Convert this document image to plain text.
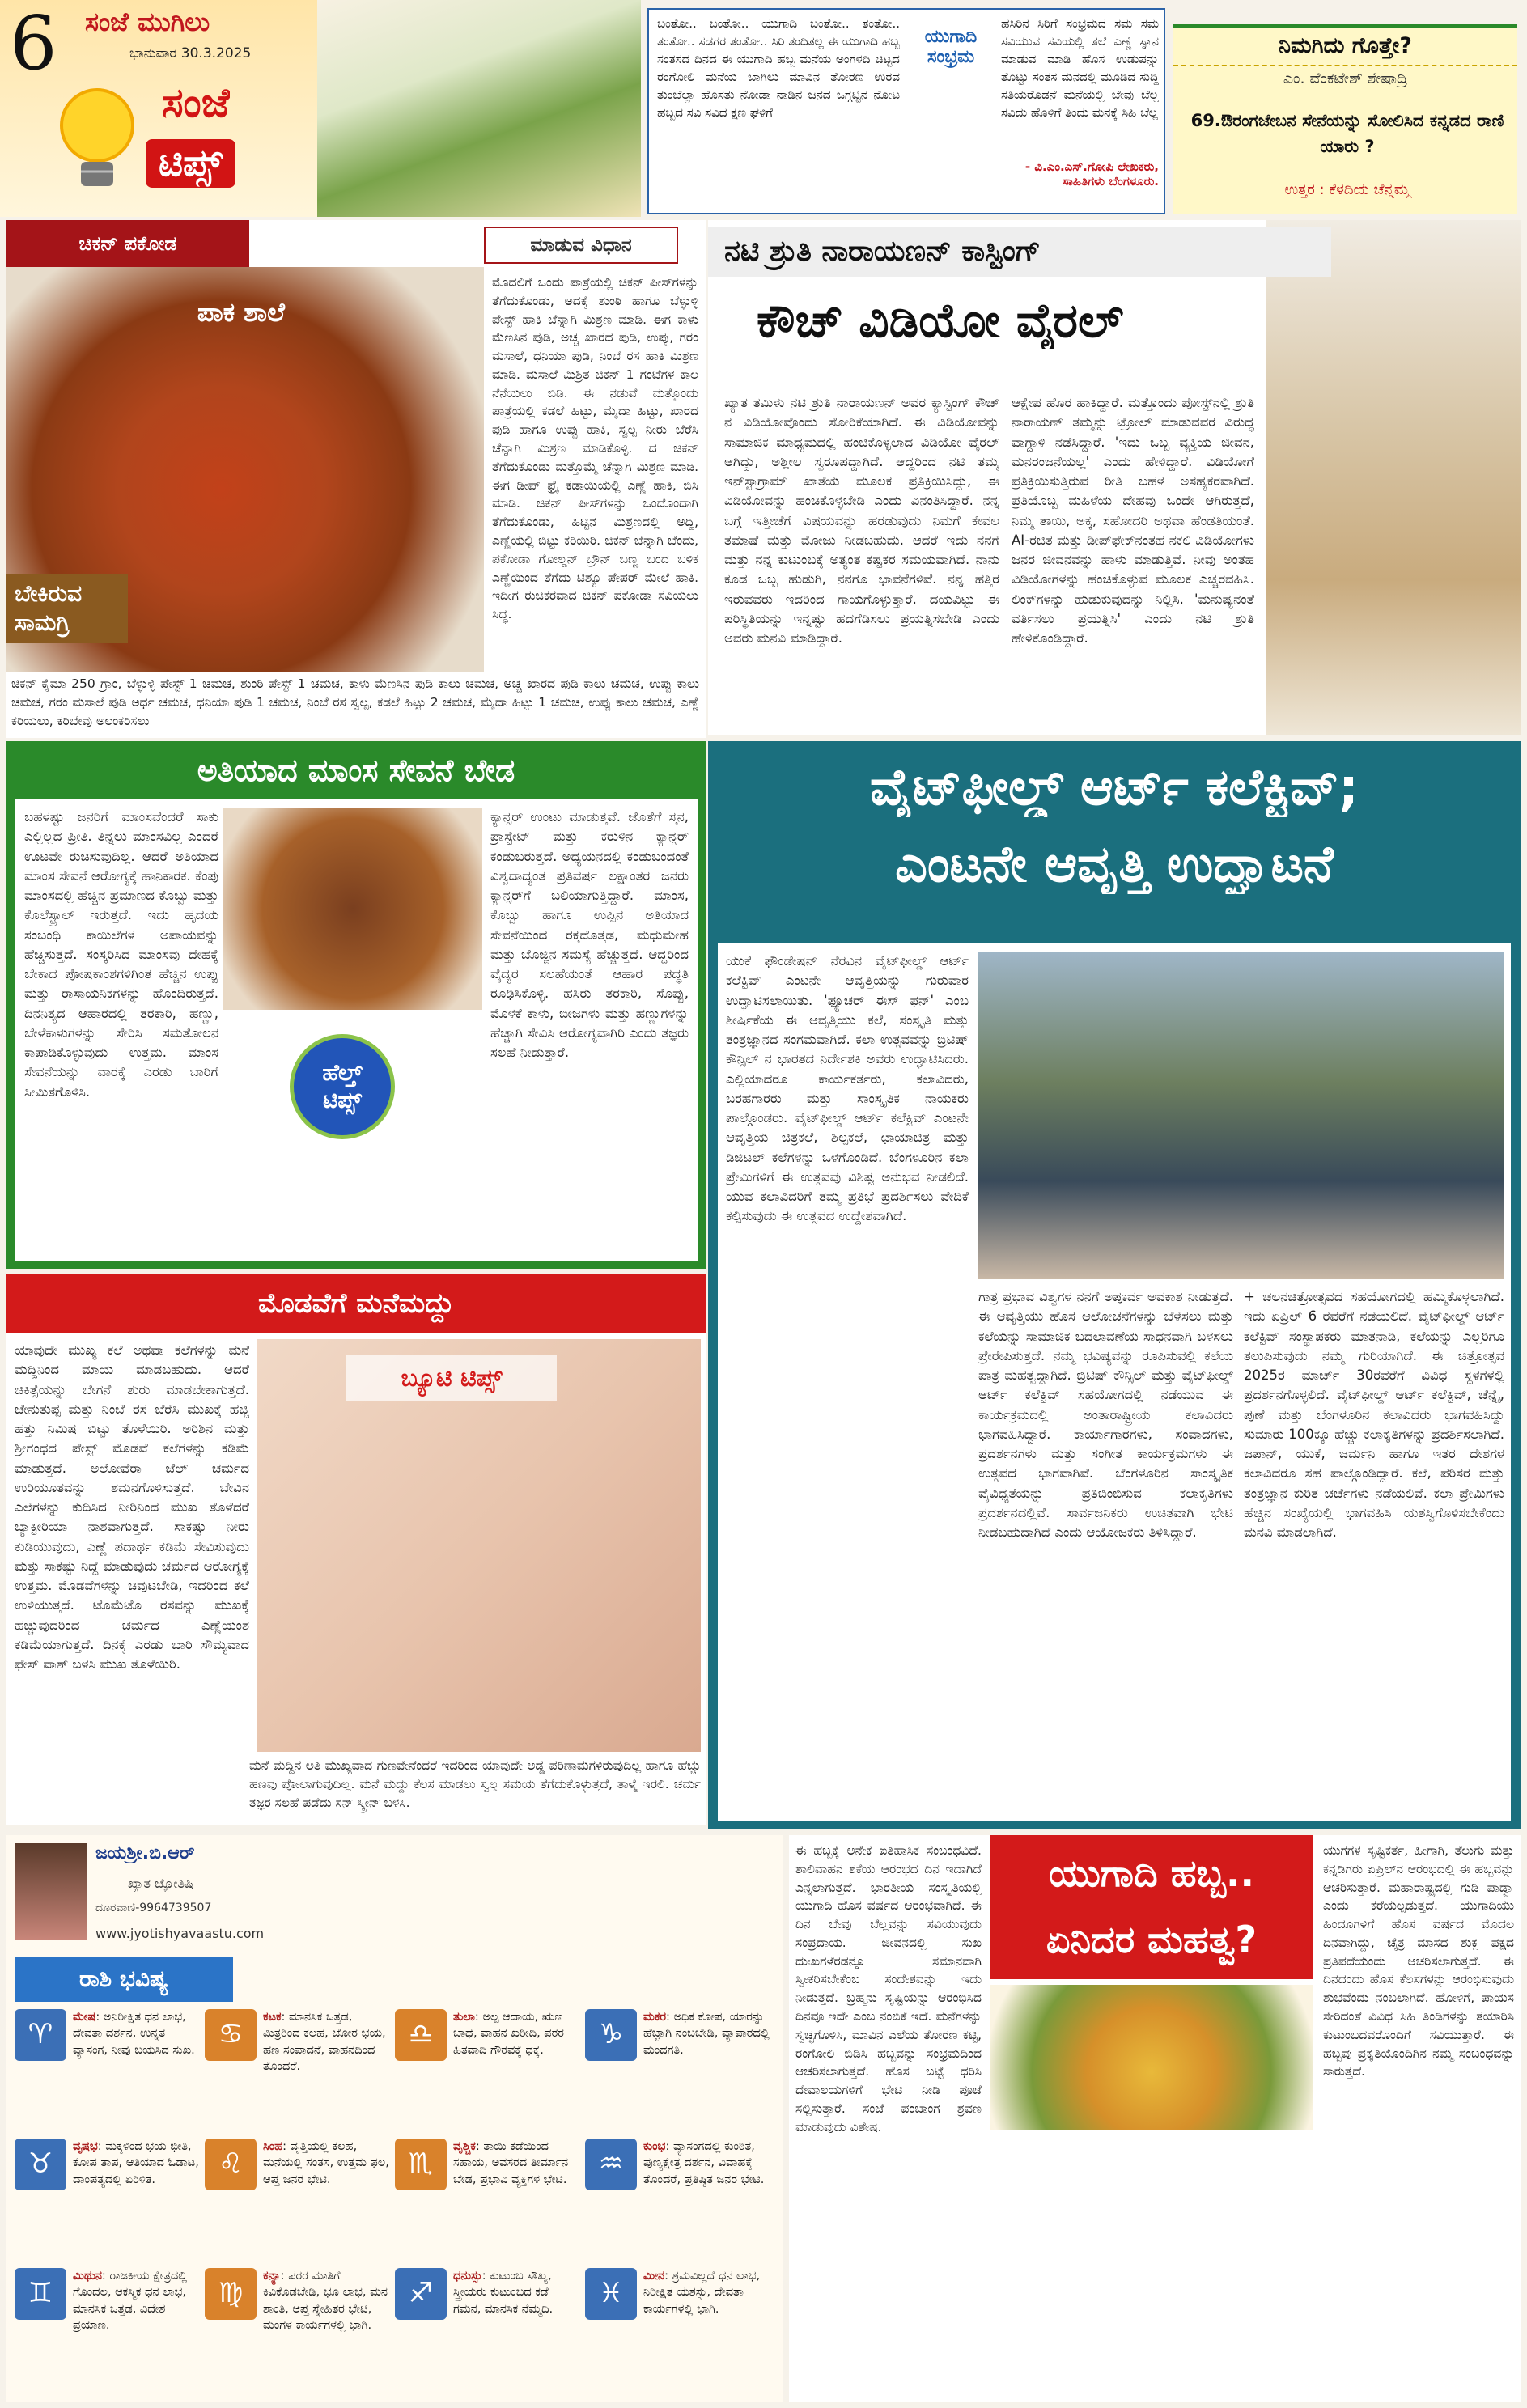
6 ಸಂಜೆ ಮುಗಿಲು
ಭಾನುವಾರ 30.3.2025
ಸಂಜೆ
ಟಿಪ್ಸ್
ಬಂತೋ.. ಬಂತೋ.. ಯುಗಾದಿ ಬಂತೋ.. ತಂತೋ.. ತಂತೋ.. ಸಡಗರ ತಂತೋ.. ಸಿರಿ ತಂದಿತಲ್ಲ ಈ ಯುಗಾದಿ ಹಬ್ಬ ಸಂತಸದ ದಿನದ ಈ ಯುಗಾದಿ ಹಬ್ಬ ಮನೆಯ ಅಂಗಳದಿ ಚಿಟ್ಟದ ರಂಗೋಲಿ ಮನೆಯ ಬಾಗಿಲು ಮಾವಿನ ತೋರಣ ಉರವ ತುಂಬೆಲ್ಲಾ ಹೊಸತು ನೋಡಾ ನಾಡಿನ ಜನದ ಒಗ್ಗಟ್ಟಿನ ನೋಟ ಹಬ್ಬದ ಸವಿ ಸವಿದ ಕ್ಷಣ ಘಳಿಗೆ
ಯುಗಾದಿ ಸಂಭ್ರಮ
ಹಸಿರಿನ ಸಿರಿಗೆ ಸಂಭ್ರಮದ ಸಮ ಸಮ ಸವಿಯುವ ಸವಿಯಲ್ಲಿ ತಲೆ ಎಣ್ಣೆ ಸ್ನಾನ ಮಾಡುವ ಮಾಡಿ ಹೊಸ ಉಡುಪನ್ನು ತೊಟ್ಟು ಸಂತಸ ಮನದಲ್ಲಿ ಮೂಡಿದ ಸುದ್ದಿ ಸತಿಯರೊಡನೆ ಮನೆಯಲ್ಲಿ ಬೇವು ಬೆಲ್ಲ ಸವಿದು ಹೊಳಿಗೆ ತಿಂದು ಮನಕ್ಕೆ ಸಿಹಿ ಬೆಲ್ಲ
- ವಿ.ಎಂ.ಎಸ್.ಗೋಪಿ ಲೇಖಕರು, ಸಾಹಿತಿಗಳು ಬೆಂಗಳೂರು.
ನಿಮಗಿದು ಗೊತ್ತೇ?
ಎಂ. ವೆಂಕಟೇಶ್ ಶೇಷಾದ್ರಿ
69.ಔರಂಗಜೇಬನ ಸೇನೆಯನ್ನು ಸೋಲಿಸಿದ ಕನ್ನಡದ ರಾಣಿ ಯಾರು ?
ಉತ್ತರ : ಕೆಳದಿಯ ಚೆನ್ನಮ್ಮ
ಚಿಕನ್ ಪಕೋಡ	ಮಾಡುವ ವಿಧಾನ
ಪಾಕ ಶಾಲೆ
ಬೇಕಿರುವ ಸಾಮಗ್ರಿ
ಮೊದಲಿಗೆ ಒಂದು ಪಾತ್ರೆಯಲ್ಲಿ ಚಿಕನ್ ಪೀಸ್‌ಗಳನ್ನು ತೆಗೆದುಕೊಂಡು, ಅದಕ್ಕೆ ಶುಂಠಿ ಹಾಗೂ ಬೆಳ್ಳುಳ್ಳಿ ಪೇಸ್ಟ್ ಹಾಕಿ ಚೆನ್ನಾಗಿ ಮಿಶ್ರಣ ಮಾಡಿ. ಈಗ ಕಾಳು ಮೆಣಸಿನ ಪುಡಿ, ಅಚ್ಚ ಖಾರದ ಪುಡಿ, ಉಪ್ಪು, ಗರಂ ಮಸಾಲೆ, ಧನಿಯಾ ಪುಡಿ, ನಿಂಬೆ ರಸ ಹಾಕಿ ಮಿಶ್ರಣ ಮಾಡಿ. ಮಸಾಲೆ ಮಿಶ್ರಿತ ಚಿಕನ್ 1 ಗಂಟೆಗಳ ಕಾಲ ನೆನೆಯಲು ಬಿಡಿ. ಈ ನಡುವೆ ಮತ್ತೊಂದು ಪಾತ್ರೆಯಲ್ಲಿ ಕಡಲೆ ಹಿಟ್ಟು, ಮೈದಾ ಹಿಟ್ಟು, ಖಾರದ ಪುಡಿ ಹಾಗೂ ಉಪ್ಪು ಹಾಕಿ, ಸ್ವಲ್ಪ ನೀರು ಬೆರೆಸಿ ಚೆನ್ನಾಗಿ ಮಿಶ್ರಣ ಮಾಡಿಕೊಳ್ಳಿ. ದ ಚಿಕನ್ ತೆಗೆದುಕೊಂಡು ಮತ್ತೊಮ್ಮೆ ಚೆನ್ನಾಗಿ ಮಿಶ್ರಣ ಮಾಡಿ. ಈಗ ಡೀಪ್ ಫ್ರೈ ಕಡಾಯಿಯಲ್ಲಿ ಎಣ್ಣೆ ಹಾಕಿ, ಬಿಸಿ ಮಾಡಿ. ಚಿಕನ್ ಪೀಸ್‌ಗಳನ್ನು ಒಂದೊಂದಾಗಿ ತೆಗೆದುಕೊಂಡು, ಹಿಟ್ಟಿನ ಮಿಶ್ರಣದಲ್ಲಿ ಅದ್ದಿ, ಎಣ್ಣೆಯಲ್ಲಿ ಬಿಟ್ಟು ಕರಿಯಿರಿ. ಚಿಕನ್ ಚೆನ್ನಾಗಿ ಬೆಂದು, ಪಕೋಡಾ ಗೋಲ್ಡನ್ ಬ್ರೌನ್ ಬಣ್ಣ ಬಂದ ಬಳಿಕ ಎಣ್ಣೆಯಿಂದ ತೆಗೆದು ಟಿಶ್ಯೂ ಪೇಪರ್ ಮೇಲೆ ಹಾಕಿ. ಇದೀಗ ರುಚಿಕರವಾದ ಚಿಕನ್ ಪಕೋಡಾ ಸವಿಯಲು ಸಿದ್ಧ.
ಚಿಕನ್ ಕೈಮಾ 250 ಗ್ರಾಂ, ಬೆಳ್ಳುಳ್ಳಿ ಪೇಸ್ಟ್ 1 ಚಮಚ, ಶುಂಠಿ ಪೇಸ್ಟ್ 1 ಚಮಚ, ಕಾಳು ಮೆಣಸಿನ ಪುಡಿ ಕಾಲು ಚಮಚ, ಅಚ್ಚ ಖಾರದ ಪುಡಿ ಕಾಲು ಚಮಚ, ಉಪ್ಪು ಕಾಲು ಚಮಚ, ಗರಂ ಮಸಾಲೆ ಪುಡಿ ಅರ್ಧ ಚಮಚ, ಧನಿಯಾ ಪುಡಿ 1 ಚಮಚ, ನಿಂಬೆ ರಸ ಸ್ವಲ್ಪ, ಕಡಲೆ ಹಿಟ್ಟು 2 ಚಮಚ, ಮೈದಾ ಹಿಟ್ಟು 1 ಚಮಚ, ಉಪ್ಪು ಕಾಲು ಚಮಚ, ಎಣ್ಣೆ ಕರಿಯಲು, ಕರಿಬೇವು ಅಲಂಕರಿಸಲು
ನಟಿ ಶ್ರುತಿ ನಾರಾಯಣನ್ ಕಾಸ್ಟಿಂಗ್
ಕೌಚ್ ವಿಡಿಯೋ ವೈರಲ್
ಖ್ಯಾತ ತಮಿಳು ನಟಿ ಶ್ರುತಿ ನಾರಾಯಣನ್ ಅವರ ಕ್ಯಾಸ್ಟಿಂಗ್ ಕೌಚ್ ನ ವಿಡಿಯೋವೊಂದು ಸೋರಿಕೆಯಾಗಿದೆ. ಈ ವಿಡಿಯೋವನ್ನು ಸಾಮಾಜಿಕ ಮಾಧ್ಯಮದಲ್ಲಿ ಹಂಚಿಕೊಳ್ಳಲಾದ ವಿಡಿಯೋ ವೈರಲ್ ಆಗಿದ್ದು, ಅಶ್ಲೀಲ ಸ್ವರೂಪದ್ದಾಗಿದೆ. ಆದ್ದರಿಂದ ನಟಿ ತಮ್ಮ ಇನ್‌ಸ್ಟಾಗ್ರಾಮ್ ಖಾತೆಯ ಮೂಲಕ ಪ್ರತಿಕ್ರಿಯಿಸಿದ್ದು, ಈ ವಿಡಿಯೋವನ್ನು ಹಂಚಿಕೊಳ್ಳಬೇಡಿ ಎಂದು ವಿನಂತಿಸಿದ್ದಾರೆ. ನನ್ನ ಬಗ್ಗೆ ಇತ್ತೀಚೆಗೆ ವಿಷಯವನ್ನು ಹರಡುವುದು ನಿಮಗೆ ಕೇವಲ ತಮಾಷೆ ಮತ್ತು ಮೋಜು ನೀಡಬಹುದು. ಆದರೆ ಇದು ನನಗೆ ಮತ್ತು ನನ್ನ ಕುಟುಂಬಕ್ಕೆ ಅತ್ಯಂತ ಕಷ್ಟಕರ ಸಮಯವಾಗಿದೆ. ನಾನು ಕೂಡ ಒಬ್ಬ ಹುಡುಗಿ, ನನಗೂ ಭಾವನೆಗಳಿವೆ. ನನ್ನ ಹತ್ತಿರ ಇರುವವರು ಇದರಿಂದ ಗಾಯಗೊಳ್ಳುತ್ತಾರೆ. ದಯವಿಟ್ಟು ಈ ಪರಿಸ್ಥಿತಿಯನ್ನು ಇನ್ನಷ್ಟು ಹದಗೆಡಿಸಲು ಪ್ರಯತ್ನಿಸಬೇಡಿ ಎಂದು ಅವರು ಮನವಿ ಮಾಡಿದ್ದಾರೆ.
ಆಕ್ಷೇಪ ಹೊರ ಹಾಕಿದ್ದಾರೆ. ಮತ್ತೊಂದು ಪೋಸ್ಟ್‌ನಲ್ಲಿ ಶ್ರುತಿ ನಾರಾಯಣ್ ತಮ್ಮನ್ನು ಟ್ರೋಲ್ ಮಾಡುವವರ ವಿರುದ್ಧ ವಾಗ್ದಾಳಿ ನಡೆಸಿದ್ದಾರೆ. 'ಇದು ಒಬ್ಬ ವ್ಯಕ್ತಿಯ ಜೀವನ, ಮನರಂಜನೆಯಲ್ಲ' ಎಂದು ಹೇಳಿದ್ದಾರೆ. ವಿಡಿಯೋಗೆ ಪ್ರತಿಕ್ರಿಯಿಸುತ್ತಿರುವ ರೀತಿ ಬಹಳ ಅಸಹ್ಯಕರವಾಗಿದೆ. ಪ್ರತಿಯೊಬ್ಬ ಮಹಿಳೆಯ ದೇಹವು ಒಂದೇ ಆಗಿರುತ್ತದೆ, ನಿಮ್ಮ ತಾಯಿ, ಅಕ್ಕ, ಸಹೋದರಿ ಅಥವಾ ಹೆಂಡತಿಯಂತೆ. AI-ರಚಿತ ಮತ್ತು ಡೀಪ್‌ಫೇಕ್‌ನಂತಹ ನಕಲಿ ವಿಡಿಯೋಗಳು ಜನರ ಜೀವನವನ್ನು ಹಾಳು ಮಾಡುತ್ತಿವೆ. ನೀವು ಅಂತಹ ವಿಡಿಯೋಗಳನ್ನು ಹಂಚಿಕೊಳ್ಳುವ ಮೂಲಕ ಎಚ್ಚರವಹಿಸಿ. ಲಿಂಕ್‌ಗಳನ್ನು ಹುಡುಕುವುದನ್ನು ನಿಲ್ಲಿಸಿ. 'ಮನುಷ್ಯನಂತೆ ವರ್ತಿಸಲು ಪ್ರಯತ್ನಿಸಿ' ಎಂದು ನಟಿ ಶ್ರುತಿ ಹೇಳಿಕೊಂಡಿದ್ದಾರೆ.
ಅತಿಯಾದ ಮಾಂಸ ಸೇವನೆ ಬೇಡ
ಬಹಳಷ್ಟು ಜನರಿಗೆ ಮಾಂಸವೆಂದರೆ ಸಾಕು ಎಲ್ಲಿಲ್ಲದ ಪ್ರೀತಿ. ತಿನ್ನಲು ಮಾಂಸವಿಲ್ಲ ಎಂದರೆ ಊಟವೇ ರುಚಿಸುವುದಿಲ್ಲ. ಆದರೆ ಅತಿಯಾದ ಮಾಂಸ ಸೇವನೆ ಆರೋಗ್ಯಕ್ಕೆ ಹಾನಿಕಾರಕ. ಕೆಂಪು ಮಾಂಸದಲ್ಲಿ ಹೆಚ್ಚಿನ ಪ್ರಮಾಣದ ಕೊಬ್ಬು ಮತ್ತು ಕೊಲೆಸ್ಟ್ರಾಲ್ ಇರುತ್ತದೆ. ಇದು ಹೃದಯ ಸಂಬಂಧಿ ಕಾಯಿಲೆಗಳ ಅಪಾಯವನ್ನು ಹೆಚ್ಚಿಸುತ್ತದೆ. ಸಂಸ್ಕರಿಸಿದ ಮಾಂಸವು ದೇಹಕ್ಕೆ ಬೇಕಾದ ಪೋಷಕಾಂಶಗಳಿಗಿಂತ ಹೆಚ್ಚಿನ ಉಪ್ಪು ಮತ್ತು ರಾಸಾಯನಿಕಗಳನ್ನು ಹೊಂದಿರುತ್ತದೆ. ದಿನನಿತ್ಯದ ಆಹಾರದಲ್ಲಿ ತರಕಾರಿ, ಹಣ್ಣು, ಬೇಳೆಕಾಳುಗಳನ್ನು ಸೇರಿಸಿ ಸಮತೋಲನ ಕಾಪಾಡಿಕೊಳ್ಳುವುದು ಉತ್ತಮ. ಮಾಂಸ ಸೇವನೆಯನ್ನು ವಾರಕ್ಕೆ ಎರಡು ಬಾರಿಗೆ ಸೀಮಿತಗೊಳಿಸಿ.
ಹೆಲ್ತ್
ಟಿಪ್ಸ್
ಕ್ಯಾನ್ಸರ್ ಉಂಟು ಮಾಡುತ್ತವೆ. ಜೊತೆಗೆ ಸ್ತನ, ಪ್ರಾಸ್ಟೇಟ್ ಮತ್ತು ಕರುಳಿನ ಕ್ಯಾನ್ಸರ್ ಕಂಡುಬರುತ್ತದೆ. ಅಧ್ಯಯನದಲ್ಲಿ ಕಂಡುಬಂದಂತೆ ವಿಶ್ವದಾದ್ಯಂತ ಪ್ರತಿವರ್ಷ ಲಕ್ಷಾಂತರ ಜನರು ಕ್ಯಾನ್ಸರ್‌ಗೆ ಬಲಿಯಾಗುತ್ತಿದ್ದಾರೆ. ಮಾಂಸ, ಕೊಬ್ಬು ಹಾಗೂ ಉಪ್ಪಿನ ಅತಿಯಾದ ಸೇವನೆಯಿಂದ ರಕ್ತದೊತ್ತಡ, ಮಧುಮೇಹ ಮತ್ತು ಬೊಜ್ಜಿನ ಸಮಸ್ಯೆ ಹೆಚ್ಚುತ್ತದೆ. ಆದ್ದರಿಂದ ವೈದ್ಯರ ಸಲಹೆಯಂತೆ ಆಹಾರ ಪದ್ಧತಿ ರೂಢಿಸಿಕೊಳ್ಳಿ. ಹಸಿರು ತರಕಾರಿ, ಸೊಪ್ಪು, ಮೊಳಕೆ ಕಾಳು, ಬೀಜಗಳು ಮತ್ತು ಹಣ್ಣುಗಳನ್ನು ಹೆಚ್ಚಾಗಿ ಸೇವಿಸಿ ಆರೋಗ್ಯವಾಗಿರಿ ಎಂದು ತಜ್ಞರು ಸಲಹೆ ನೀಡುತ್ತಾರೆ.
ವೈಟ್‌ಫೀಲ್ಡ್ ಆರ್ಟ್ ಕಲೆಕ್ಟಿವ್;
ಎಂಟನೇ ಆವೃತ್ತಿ ಉದ್ಘಾಟನೆ
ಯುಕೆ ಫೌಂಡೇಷನ್ ನೆರವಿನ ವೈಟ್‌ಫೀಲ್ಡ್ ಆರ್ಟ್ ಕಲೆಕ್ಟಿವ್ ಎಂಟನೇ ಆವೃತ್ತಿಯನ್ನು ಗುರುವಾರ ಉದ್ಘಾಟಿಸಲಾಯಿತು. 'ಫ್ಯೂಚರ್ ಈಸ್ ಫನ್' ಎಂಬ ಶೀರ್ಷಿಕೆಯ ಈ ಆವೃತ್ತಿಯು ಕಲೆ, ಸಂಸ್ಕೃತಿ ಮತ್ತು ತಂತ್ರಜ್ಞಾನದ ಸಂಗಮವಾಗಿದೆ. ಕಲಾ ಉತ್ಸವವನ್ನು ಬ್ರಿಟಿಷ್ ಕೌನ್ಸಿಲ್ ನ ಭಾರತದ ನಿರ್ದೇಶಕಿ ಅವರು ಉದ್ಘಾಟಿಸಿದರು. ಎಲ್ಲಿಯಾದರೂ ಕಾರ್ಯಕರ್ತರು, ಕಲಾವಿದರು, ಬರಹಗಾರರು ಮತ್ತು ಸಾಂಸ್ಕೃತಿಕ ನಾಯಕರು ಪಾಲ್ಗೊಂಡರು. ವೈಟ್‌ಫೀಲ್ಡ್ ಆರ್ಟ್ ಕಲೆಕ್ಟಿವ್ ಎಂಟನೇ ಆವೃತ್ತಿಯ ಚಿತ್ರಕಲೆ, ಶಿಲ್ಪಕಲೆ, ಛಾಯಾಚಿತ್ರ ಮತ್ತು ಡಿಜಿಟಲ್ ಕಲೆಗಳನ್ನು ಒಳಗೊಂಡಿದೆ. ಬೆಂಗಳೂರಿನ ಕಲಾ ಪ್ರೇಮಿಗಳಿಗೆ ಈ ಉತ್ಸವವು ವಿಶಿಷ್ಟ ಅನುಭವ ನೀಡಲಿದೆ. ಯುವ ಕಲಾವಿದರಿಗೆ ತಮ್ಮ ಪ್ರತಿಭೆ ಪ್ರದರ್ಶಿಸಲು ವೇದಿಕೆ ಕಲ್ಪಿಸುವುದು ಈ ಉತ್ಸವದ ಉದ್ದೇಶವಾಗಿದೆ.
ಗಾತ್ರ ಪ್ರಭಾವ ವಿಶ್ವಗಳ ನನಗೆ ಅಪೂರ್ವ ಅವಕಾಶ ನೀಡುತ್ತದೆ. ಈ ಆವೃತ್ತಿಯು ಹೊಸ ಆಲೋಚನೆಗಳನ್ನು ಬೆಳೆಸಲು ಮತ್ತು ಕಲೆಯನ್ನು ಸಾಮಾಜಿಕ ಬದಲಾವಣೆಯ ಸಾಧನವಾಗಿ ಬಳಸಲು ಪ್ರೇರೇಪಿಸುತ್ತದೆ. ನಮ್ಮ ಭವಿಷ್ಯವನ್ನು ರೂಪಿಸುವಲ್ಲಿ ಕಲೆಯ ಪಾತ್ರ ಮಹತ್ವದ್ದಾಗಿದೆ. ಬ್ರಿಟಿಷ್ ಕೌನ್ಸಿಲ್ ಮತ್ತು ವೈಟ್‌ಫೀಲ್ಡ್ ಆರ್ಟ್ ಕಲೆಕ್ಟಿವ್ ಸಹಯೋಗದಲ್ಲಿ ನಡೆಯುವ ಈ ಕಾರ್ಯಕ್ರಮದಲ್ಲಿ ಅಂತಾರಾಷ್ಟ್ರೀಯ ಕಲಾವಿದರು ಭಾಗವಹಿಸಿದ್ದಾರೆ. ಕಾರ್ಯಾಗಾರಗಳು, ಸಂವಾದಗಳು, ಪ್ರದರ್ಶನಗಳು ಮತ್ತು ಸಂಗೀತ ಕಾರ್ಯಕ್ರಮಗಳು ಈ ಉತ್ಸವದ ಭಾಗವಾಗಿವೆ. ಬೆಂಗಳೂರಿನ ಸಾಂಸ್ಕೃತಿಕ ವೈವಿಧ್ಯತೆಯನ್ನು ಪ್ರತಿಬಿಂಬಿಸುವ ಕಲಾಕೃತಿಗಳು ಪ್ರದರ್ಶನದಲ್ಲಿವೆ. ಸಾರ್ವಜನಿಕರು ಉಚಿತವಾಗಿ ಭೇಟಿ ನೀಡಬಹುದಾಗಿದೆ ಎಂದು ಆಯೋಜಕರು ತಿಳಿಸಿದ್ದಾರೆ.
+ ಚಲನಚಿತ್ರೋತ್ಸವದ ಸಹಯೋಗದಲ್ಲಿ ಹಮ್ಮಿಕೊಳ್ಳಲಾಗಿದೆ. ಇದು ಏಪ್ರಿಲ್ 6 ರವರೆಗೆ ನಡೆಯಲಿದೆ. ವೈಟ್‌ಫೀಲ್ಡ್ ಆರ್ಟ್ ಕಲೆಕ್ಟಿವ್ ಸಂಸ್ಥಾಪಕರು ಮಾತನಾಡಿ, ಕಲೆಯನ್ನು ಎಲ್ಲರಿಗೂ ತಲುಪಿಸುವುದು ನಮ್ಮ ಗುರಿಯಾಗಿದೆ. ಈ ಚಿತ್ರೋತ್ಸವ 2025ರ ಮಾರ್ಚ್ 30ರವರೆಗೆ ವಿವಿಧ ಸ್ಥಳಗಳಲ್ಲಿ ಪ್ರದರ್ಶನಗೊಳ್ಳಲಿದೆ. ವೈಟ್‌ಫೀಲ್ಡ್ ಆರ್ಟ್ ಕಲೆಕ್ಟಿವ್, ಚೆನ್ನೈ, ಪುಣೆ ಮತ್ತು ಬೆಂಗಳೂರಿನ ಕಲಾವಿದರು ಭಾಗವಹಿಸಿದ್ದು ಸುಮಾರು 100ಕ್ಕೂ ಹೆಚ್ಚು ಕಲಾಕೃತಿಗಳನ್ನು ಪ್ರದರ್ಶಿಸಲಾಗಿದೆ. ಜಪಾನ್, ಯುಕೆ, ಜರ್ಮನಿ ಹಾಗೂ ಇತರ ದೇಶಗಳ ಕಲಾವಿದರೂ ಸಹ ಪಾಲ್ಗೊಂಡಿದ್ದಾರೆ. ಕಲೆ, ಪರಿಸರ ಮತ್ತು ತಂತ್ರಜ್ಞಾನ ಕುರಿತ ಚರ್ಚೆಗಳು ನಡೆಯಲಿವೆ. ಕಲಾ ಪ್ರೇಮಿಗಳು ಹೆಚ್ಚಿನ ಸಂಖ್ಯೆಯಲ್ಲಿ ಭಾಗವಹಿಸಿ ಯಶಸ್ವಿಗೊಳಿಸಬೇಕೆಂದು ಮನವಿ ಮಾಡಲಾಗಿದೆ.
ಮೊಡವೆಗೆ ಮನೆಮದ್ದು
ಯಾವುದೇ ಮುಖ್ಯ ಕಲೆ ಅಥವಾ ಕಲೆಗಳನ್ನು ಮನೆ ಮದ್ದಿನಿಂದ ಮಾಯ ಮಾಡಬಹುದು. ಆದರೆ ಚಿಕಿತ್ಸೆಯನ್ನು ಬೇಗನೆ ಶುರು ಮಾಡಬೇಕಾಗುತ್ತದೆ. ಜೇನುತುಪ್ಪ ಮತ್ತು ನಿಂಬೆ ರಸ ಬೆರೆಸಿ ಮುಖಕ್ಕೆ ಹಚ್ಚಿ ಹತ್ತು ನಿಮಿಷ ಬಿಟ್ಟು ತೊಳೆಯಿರಿ. ಅರಿಶಿನ ಮತ್ತು ಶ್ರೀಗಂಧದ ಪೇಸ್ಟ್ ಮೊಡವೆ ಕಲೆಗಳನ್ನು ಕಡಿಮೆ ಮಾಡುತ್ತದೆ. ಅಲೋವೆರಾ ಜೆಲ್ ಚರ್ಮದ ಉರಿಯೂತವನ್ನು ಶಮನಗೊಳಿಸುತ್ತದೆ. ಬೇವಿನ ಎಲೆಗಳನ್ನು ಕುದಿಸಿದ ನೀರಿನಿಂದ ಮುಖ ತೊಳೆದರೆ ಬ್ಯಾಕ್ಟೀರಿಯಾ ನಾಶವಾಗುತ್ತದೆ. ಸಾಕಷ್ಟು ನೀರು ಕುಡಿಯುವುದು, ಎಣ್ಣೆ ಪದಾರ್ಥ ಕಡಿಮೆ ಸೇವಿಸುವುದು ಮತ್ತು ಸಾಕಷ್ಟು ನಿದ್ದೆ ಮಾಡುವುದು ಚರ್ಮದ ಆರೋಗ್ಯಕ್ಕೆ ಉತ್ತಮ. ಮೊಡವೆಗಳನ್ನು ಚಿವುಟಬೇಡಿ, ಇದರಿಂದ ಕಲೆ ಉಳಿಯುತ್ತದೆ. ಟೊಮೆಟೊ ರಸವನ್ನು ಮುಖಕ್ಕೆ ಹಚ್ಚುವುದರಿಂದ ಚರ್ಮದ ಎಣ್ಣೆಯಂಶ ಕಡಿಮೆಯಾಗುತ್ತದೆ. ದಿನಕ್ಕೆ ಎರಡು ಬಾರಿ ಸೌಮ್ಯವಾದ ಫೇಸ್ ವಾಶ್ ಬಳಸಿ ಮುಖ ತೊಳೆಯಿರಿ.
ಬ್ಯೂಟಿ ಟಿಪ್ಸ್
ಮನೆ ಮದ್ದಿನ ಅತಿ ಮುಖ್ಯವಾದ ಗುಣವೇನೆಂದರೆ ಇದರಿಂದ ಯಾವುದೇ ಅಡ್ಡ ಪರಿಣಾಮಗಳಿರುವುದಿಲ್ಲ ಹಾಗೂ ಹೆಚ್ಚು ಹಣವು ಪೋಲಾಗುವುದಿಲ್ಲ. ಮನೆ ಮದ್ದು ಕೆಲಸ ಮಾಡಲು ಸ್ವಲ್ಪ ಸಮಯ ತೆಗೆದುಕೊಳ್ಳುತ್ತದೆ, ತಾಳ್ಮೆ ಇರಲಿ. ಚರ್ಮ ತಜ್ಞರ ಸಲಹೆ ಪಡೆದು ಸನ್ ಸ್ಕ್ರೀನ್ ಬಳಸಿ.
ಜಯಶ್ರೀ.ಬಿ.ಆರ್
ಖ್ಯಾತ ಜ್ಯೋತಿಷಿ
ದೂರವಾಣಿ-9964739507
www.jyotishyavaastu.com
ರಾಶಿ ಭವಿಷ್ಯ
♈
ಮೇಷ: ಅನಿರೀಕ್ಷಿತ ಧನ ಲಾಭ, ದೇವತಾ ದರ್ಶನ, ಉನ್ನತ ವ್ಯಾಸಂಗ, ನೀವು ಬಯಸಿದ ಸುಖ.
♉
ವೃಷಭ: ಮಕ್ಕಳಿಂದ ಭಯ ಭೀತಿ, ಕೋಪ ತಾಪ, ಆತಿಯಾದ ಓಡಾಟ, ದಾಂಪತ್ಯದಲ್ಲಿ ಏರಿಳಿತ.
♊
ಮಿಥುನ: ರಾಜಕೀಯ ಕ್ಷೇತ್ರದಲ್ಲಿ ಗೊಂದಲ, ಆಕಸ್ಮಿಕ ಧನ ಲಾಭ, ಮಾನಸಿಕ ಒತ್ತಡ, ವಿದೇಶ ಪ್ರಯಾಣ.
♋
ಕಟಕ: ಮಾನಸಿಕ ಒತ್ತಡ, ಮಿತ್ರರಿಂದ ಕಲಹ, ಚೋರ ಭಯ, ಹಣ ಸಂಪಾದನೆ, ವಾಹನದಿಂದ ತೊಂದರೆ.
♌
ಸಿಂಹ: ವೃತ್ತಿಯಲ್ಲಿ ಕಲಹ, ಮನೆಯಲ್ಲಿ ಸಂತಸ, ಉತ್ತಮ ಫಲ, ಆಪ್ತ ಜನರ ಭೇಟಿ.
♍
ಕನ್ಯಾ: ಪರರ ಮಾತಿಗೆ ಕಿವಿಕೊಡಬೇಡಿ, ಭೂ ಲಾಭ, ಮನ ಶಾಂತಿ, ಆಪ್ತ ಸ್ನೇಹಿತರ ಭೇಟಿ, ಮಂಗಳ ಕಾರ್ಯಗಳಲ್ಲಿ ಭಾಗಿ.
♎
ತುಲಾ: ಅಲ್ಪ ಆದಾಯ, ಋಣ ಬಾಧೆ, ವಾಹನ ಖರೀದಿ, ಪರರ ಹಿತವಾದಿ ಗೌರವಕ್ಕೆ ಧಕ್ಕೆ.
♏
ವೃಶ್ಚಿಕ: ತಾಯಿ ಕಡೆಯಿಂದ ಸಹಾಯ, ಅವಸರದ ತೀರ್ಮಾನ ಬೇಡ, ಪ್ರಭಾವಿ ವ್ಯಕ್ತಿಗಳ ಭೇಟಿ.
♐
ಧನುಸ್ಸು: ಕುಟುಂಬ ಸೌಖ್ಯ, ಸ್ತ್ರೀಯರು ಕುಟುಂಬದ ಕಡೆ ಗಮನ, ಮಾನಸಿಕ ನೆಮ್ಮದಿ.
♑
ಮಕರ: ಅಧಿಕ ಕೋಪ, ಯಾರನ್ನು ಹೆಚ್ಚಾಗಿ ನಂಬಬೇಡಿ, ವ್ಯಾಪಾರದಲ್ಲಿ ಮಂದಗತಿ.
♒
ಕುಂಭ: ವ್ಯಾಸಂಗದಲ್ಲಿ ಕುಂಠಿತ, ಪುಣ್ಯಕ್ಷೇತ್ರ ದರ್ಶನ, ವಿವಾಹಕ್ಕೆ ತೊಂದರೆ, ಪ್ರತಿಷ್ಠಿತ ಜನರ ಭೇಟಿ.
♓
ಮೀನ: ಶ್ರಮವಿಲ್ಲದೆ ಧನ ಲಾಭ, ನಿರೀಕ್ಷಿತ ಯಶಸ್ಸು, ದೇವತಾ ಕಾರ್ಯಗಳಲ್ಲಿ ಭಾಗಿ.
ಈ ಹಬ್ಬಕ್ಕೆ ಅನೇಕ ಐತಿಹಾಸಿಕ ಸಂಬಂಧವಿದೆ. ಶಾಲಿವಾಹನ ಶಕೆಯ ಆರಂಭದ ದಿನ ಇದಾಗಿದೆ ಎನ್ನಲಾಗುತ್ತದೆ. ಭಾರತೀಯ ಸಂಸ್ಕೃತಿಯಲ್ಲಿ ಯುಗಾದಿ ಹೊಸ ವರ್ಷದ ಆರಂಭವಾಗಿದೆ. ಈ ದಿನ ಬೇವು ಬೆಲ್ಲವನ್ನು ಸವಿಯುವುದು ಸಂಪ್ರದಾಯ. ಜೀವನದಲ್ಲಿ ಸುಖ ದುಃಖಗಳೆರಡನ್ನೂ ಸಮಾನವಾಗಿ ಸ್ವೀಕರಿಸಬೇಕೆಂಬ ಸಂದೇಶವನ್ನು ಇದು ನೀಡುತ್ತದೆ. ಬ್ರಹ್ಮನು ಸೃಷ್ಟಿಯನ್ನು ಆರಂಭಿಸಿದ ದಿನವೂ ಇದೇ ಎಂಬ ನಂಬಿಕೆ ಇದೆ. ಮನೆಗಳನ್ನು ಸ್ವಚ್ಛಗೊಳಿಸಿ, ಮಾವಿನ ಎಲೆಯ ತೋರಣ ಕಟ್ಟಿ, ರಂಗೋಲಿ ಬಿಡಿಸಿ ಹಬ್ಬವನ್ನು ಸಂಭ್ರಮದಿಂದ ಆಚರಿಸಲಾಗುತ್ತದೆ. ಹೊಸ ಬಟ್ಟೆ ಧರಿಸಿ ದೇವಾಲಯಗಳಿಗೆ ಭೇಟಿ ನೀಡಿ ಪೂಜೆ ಸಲ್ಲಿಸುತ್ತಾರೆ. ಸಂಜೆ ಪಂಚಾಂಗ ಶ್ರವಣ ಮಾಡುವುದು ವಿಶೇಷ.
ಯುಗಾದಿ ಹಬ್ಬ..
ಏನಿದರ ಮಹತ್ವ?
ಯುಗಗಳ ಸೃಷ್ಟಿಕರ್ತ, ಹೀಗಾಗಿ, ತೆಲುಗು ಮತ್ತು ಕನ್ನಡಿಗರು ಏಪ್ರಿಲ್‌ನ ಆರಂಭದಲ್ಲಿ ಈ ಹಬ್ಬವನ್ನು ಆಚರಿಸುತ್ತಾರೆ. ಮಹಾರಾಷ್ಟ್ರದಲ್ಲಿ ಗುಡಿ ಪಾಡ್ವಾ ಎಂದು ಕರೆಯಲ್ಪಡುತ್ತದೆ. ಯುಗಾದಿಯು ಹಿಂದೂಗಳಿಗೆ ಹೊಸ ವರ್ಷದ ಮೊದಲ ದಿನವಾಗಿದ್ದು, ಚೈತ್ರ ಮಾಸದ ಶುಕ್ಲ ಪಕ್ಷದ ಪ್ರತಿಪದೆಯಂದು ಆಚರಿಸಲಾಗುತ್ತದೆ. ಈ ದಿನದಂದು ಹೊಸ ಕೆಲಸಗಳನ್ನು ಆರಂಭಿಸುವುದು ಶುಭವೆಂದು ನಂಬಲಾಗಿದೆ. ಹೋಳಿಗೆ, ಪಾಯಸ ಸೇರಿದಂತೆ ವಿವಿಧ ಸಿಹಿ ತಿಂಡಿಗಳನ್ನು ತಯಾರಿಸಿ ಕುಟುಂಬದವರೊಂದಿಗೆ ಸವಿಯುತ್ತಾರೆ. ಈ ಹಬ್ಬವು ಪ್ರಕೃತಿಯೊಂದಿಗಿನ ನಮ್ಮ ಸಂಬಂಧವನ್ನು ಸಾರುತ್ತದೆ.
